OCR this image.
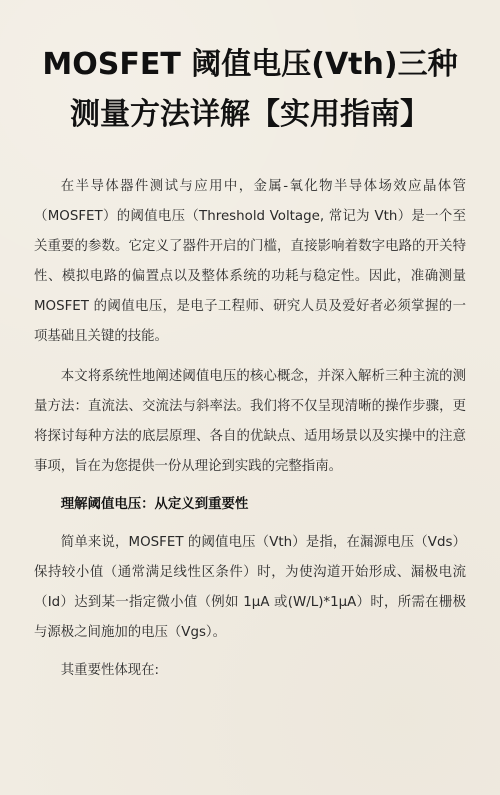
MOSFET 阈值电压(Vth)三种
测量方法详解【实用指南】

在半导体器件测试与应用中，金属-氧化物半导体场效应晶体管（MOSFET）的阈值电压（Threshold Voltage, 常记为 Vth）是一个至关重要的参数。它定义了器件开启的门槛，直接影响着数字电路的开关特性、模拟电路的偏置点以及整体系统的功耗与稳定性。因此，准确测量 MOSFET 的阈值电压，是电子工程师、研究人员及爱好者必须掌握的一项基础且关键的技能。

本文将系统性地阐述阈值电压的核心概念，并深入解析三种主流的测量方法：直流法、交流法与斜率法。我们将不仅呈现清晰的操作步骤，更将探讨每种方法的底层原理、各自的优缺点、适用场景以及实操中的注意事项，旨在为您提供一份从理论到实践的完整指南。

理解阈值电压：从定义到重要性

简单来说，MOSFET 的阈值电压（Vth）是指，在漏源电压（Vds）保持较小值（通常满足线性区条件）时，为使沟道开始形成、漏极电流（Id）达到某一指定微小值（例如 1μA 或(W/L)*1μA）时，所需在栅极与源极之间施加的电压（Vgs）。

其重要性体现在:
